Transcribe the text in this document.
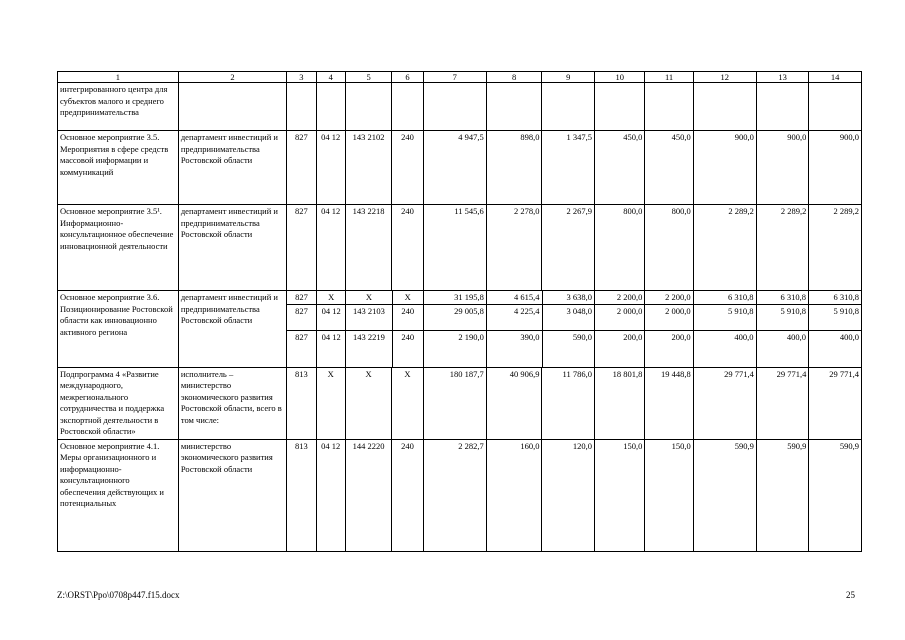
1	2	3	4	5	6	7	8	9	10	11	12	13	14
интегрированного центра для субъектов малого и среднего предпринимательства													
Основное мероприятие 3.5. Мероприятия в сфере средств массовой информации и коммуникаций	департамент инвестиций и предпринимательства Ростовской области	827	04 12	143 2102	240	4 947,5	898,0	1 347,5	450,0	450,0	900,0	900,0	900,0
Основное мероприятие 3.5¹. Информационно-консультационное обеспечение инновационной деятельности	департамент инвестиций и предпринимательства Ростовской области	827	04 12	143 2218	240	11 545,6	2 278,0	2 267,9	800,0	800,0	2 289,2	2 289,2	2 289,2
Основное мероприятие 3.6. Позиционирование Ростовской области как инновационно активного региона	департамент инвестиций и предпринимательства Ростовской области	
827	Х	Х	Х	31 195,8	4 615,4	3 638,0	2 200,0	2 200,0	6 310,8	6 310,8	6 310,8
827	04 12	143 2103	240	29 005,8	4 225,4	3 048,0	2 000,0	2 000,0	5 910,8	5 910,8	5 910,8
827	04 12	143 2219	240	2 190,0	390,0	590,0	200,0	200,0	400,0	400,0	400,0

Подпрограмма 4 «Развитие международного, межрегионального сотрудничества и поддержка экспортной деятельности в Ростовской области»	исполнитель – министерство экономического развития Ростовской области, всего в том числе:	813	Х	Х	Х	180 187,7	40 906,9	11 786,0	18 801,8	19 448,8	29 771,4	29 771,4	29 771,4
Основное мероприятие 4.1. Меры организационного и информационно-консультационного обеспечения действующих и потенциальных	министерство экономического развития Ростовской области	813	04 12	144 2220	240	2 282,7	160,0	120,0	150,0	150,0	590,9	590,9	590,9
Z:\ORST\Ppo\0708p447.f15.docx	25
